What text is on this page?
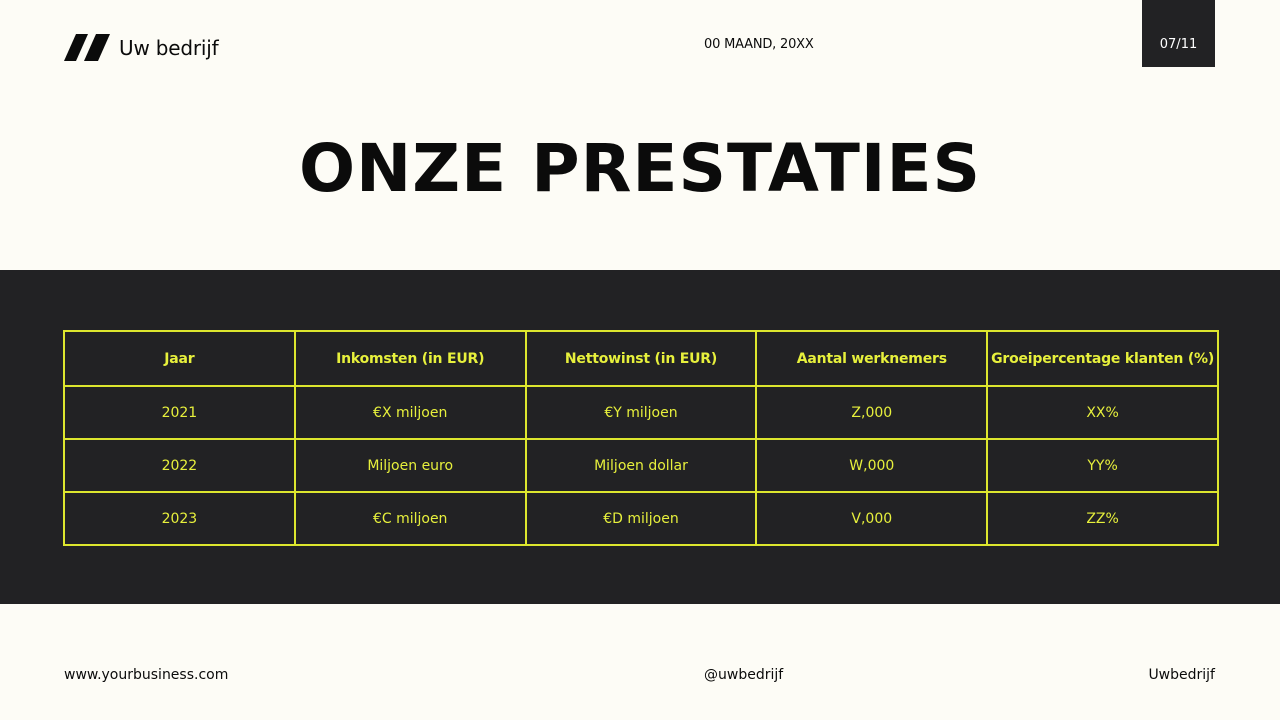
Uw bedrijf	00 MAAND, 20XX	07/11
ONZE PRESTATIES
Jaar	Inkomsten (in EUR)	Nettowinst (in EUR)	Aantal werknemers	Groeipercentage klanten (%)
2021	€X miljoen	€Y miljoen	Z,000	XX%
2022	Miljoen euro	Miljoen dollar	W,000	YY%
2023	€C miljoen	€D miljoen	V,000	ZZ%
www.yourbusiness.com	@uwbedrijf	Uwbedrijf
